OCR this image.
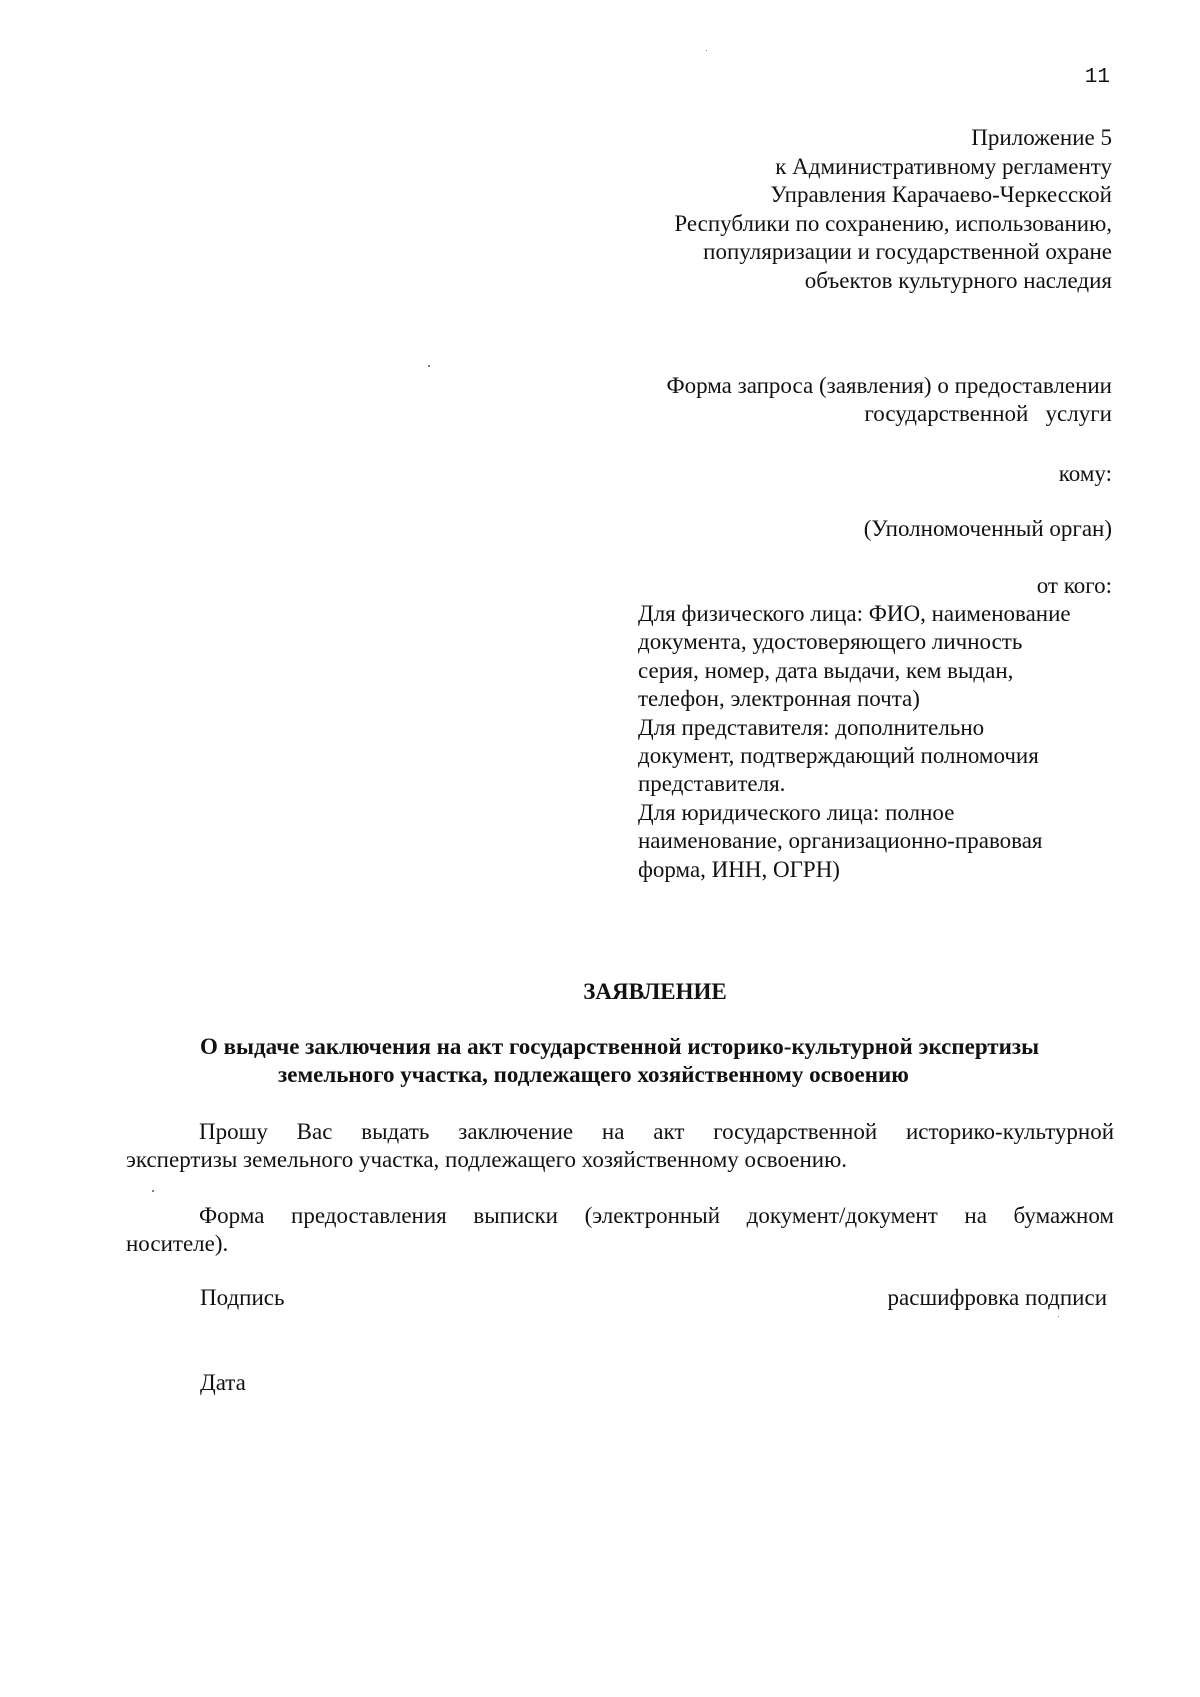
11
Приложение 5
к Административному регламенту
Управления Карачаево-Черкесской
Республики по сохранению, использованию,
популяризации и государственной охране
объектов культурного наследия
Форма запроса (заявления) о предоставлении
государственной   услуги
кому:
(Уполномоченный орган)
от кого:
Для физического лица: ФИО, наименование
документа, удостоверяющего личность
серия, номер, дата выдачи, кем выдан,
телефон, электронная почта)
Для представителя: дополнительно
документ, подтверждающий полномочия
представителя.
Для юридического лица: полное
наименование, организационно-правовая
форма, ИНН, ОГРН)
ЗАЯВЛЕНИЕ
О выдаче заключения на акт государственной историко-культурной экспертизы
земельного участка, подлежащего хозяйственному освоению
Прошу Вас выдать заключение на акт государственной историко-культурной
экспертизы земельного участка, подлежащего хозяйственному освоению.
Форма предоставления выписки (электронный документ/документ на бумажном
носителе).
Подпись	расшифровка подписи
Дата
